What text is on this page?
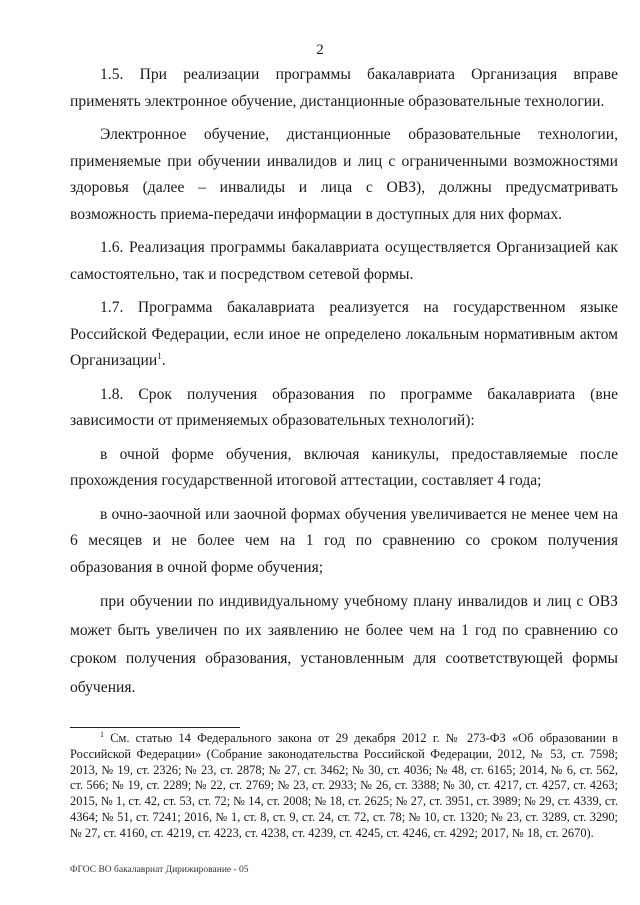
2

1.5. При реализации программы бакалавриата Организация вправе применять электронное обучение, дистанционные образовательные технологии.

Электронное обучение, дистанционные образовательные технологии, применяемые при обучении инвалидов и лиц с ограниченными возможностями здоровья (далее – инвалиды и лица с ОВЗ), должны предусматривать возможность приема-передачи информации в доступных для них формах.

1.6. Реализация программы бакалавриата осуществляется Организацией как самостоятельно, так и посредством сетевой формы.

1.7. Программа бакалавриата реализуется на государственном языке Российской Федерации, если иное не определено локальным нормативным актом Организации$^1$.

1.8. Срок получения образования по программе бакалавриата (вне зависимости от применяемых образовательных технологий):

в очной форме обучения, включая каникулы, предоставляемые после прохождения государственной итоговой аттестации, составляет 4 года;

в очно-заочной или заочной формах обучения увеличивается не менее чем на 6 месяцев и не более чем на 1 год по сравнению со сроком получения образования в очной форме обучения;

при обучении по индивидуальному учебному плану инвалидов и лиц с ОВЗ может быть увеличен по их заявлению не более чем на 1 год по сравнению со сроком получения образования, установленным для соответствующей формы обучения.

$^1$ См. статью 14 Федерального закона от 29 декабря 2012 г. № 273-ФЗ «Об образовании в Российской Федерации» (Собрание законодательства Российской Федерации, 2012, № 53, ст. 7598; 2013, № 19, ст. 2326; № 23, ст. 2878; № 27, ст. 3462; № 30, ст. 4036; № 48, ст. 6165; 2014, № 6, ст. 562, ст. 566; № 19, ст. 2289; № 22, ст. 2769; № 23, ст. 2933; № 26, ст. 3388; № 30, ст. 4217, ст. 4257, ст. 4263; 2015, № 1, ст. 42, ст. 53, ст. 72; № 14, ст. 2008; № 18, ст. 2625; № 27, ст. 3951, ст. 3989; № 29, ст. 4339, ст. 4364; № 51, ст. 7241; 2016, № 1, ст. 8, ст. 9, ст. 24, ст. 72, ст. 78; № 10, ст. 1320; № 23, ст. 3289, ст. 3290; № 27, ст. 4160, ст. 4219, ст. 4223, ст. 4238, ст. 4239, ст. 4245, ст. 4246, ст. 4292; 2017, № 18, ст. 2670).

ФГОС ВО бакалавриат Дирижирование - 05
